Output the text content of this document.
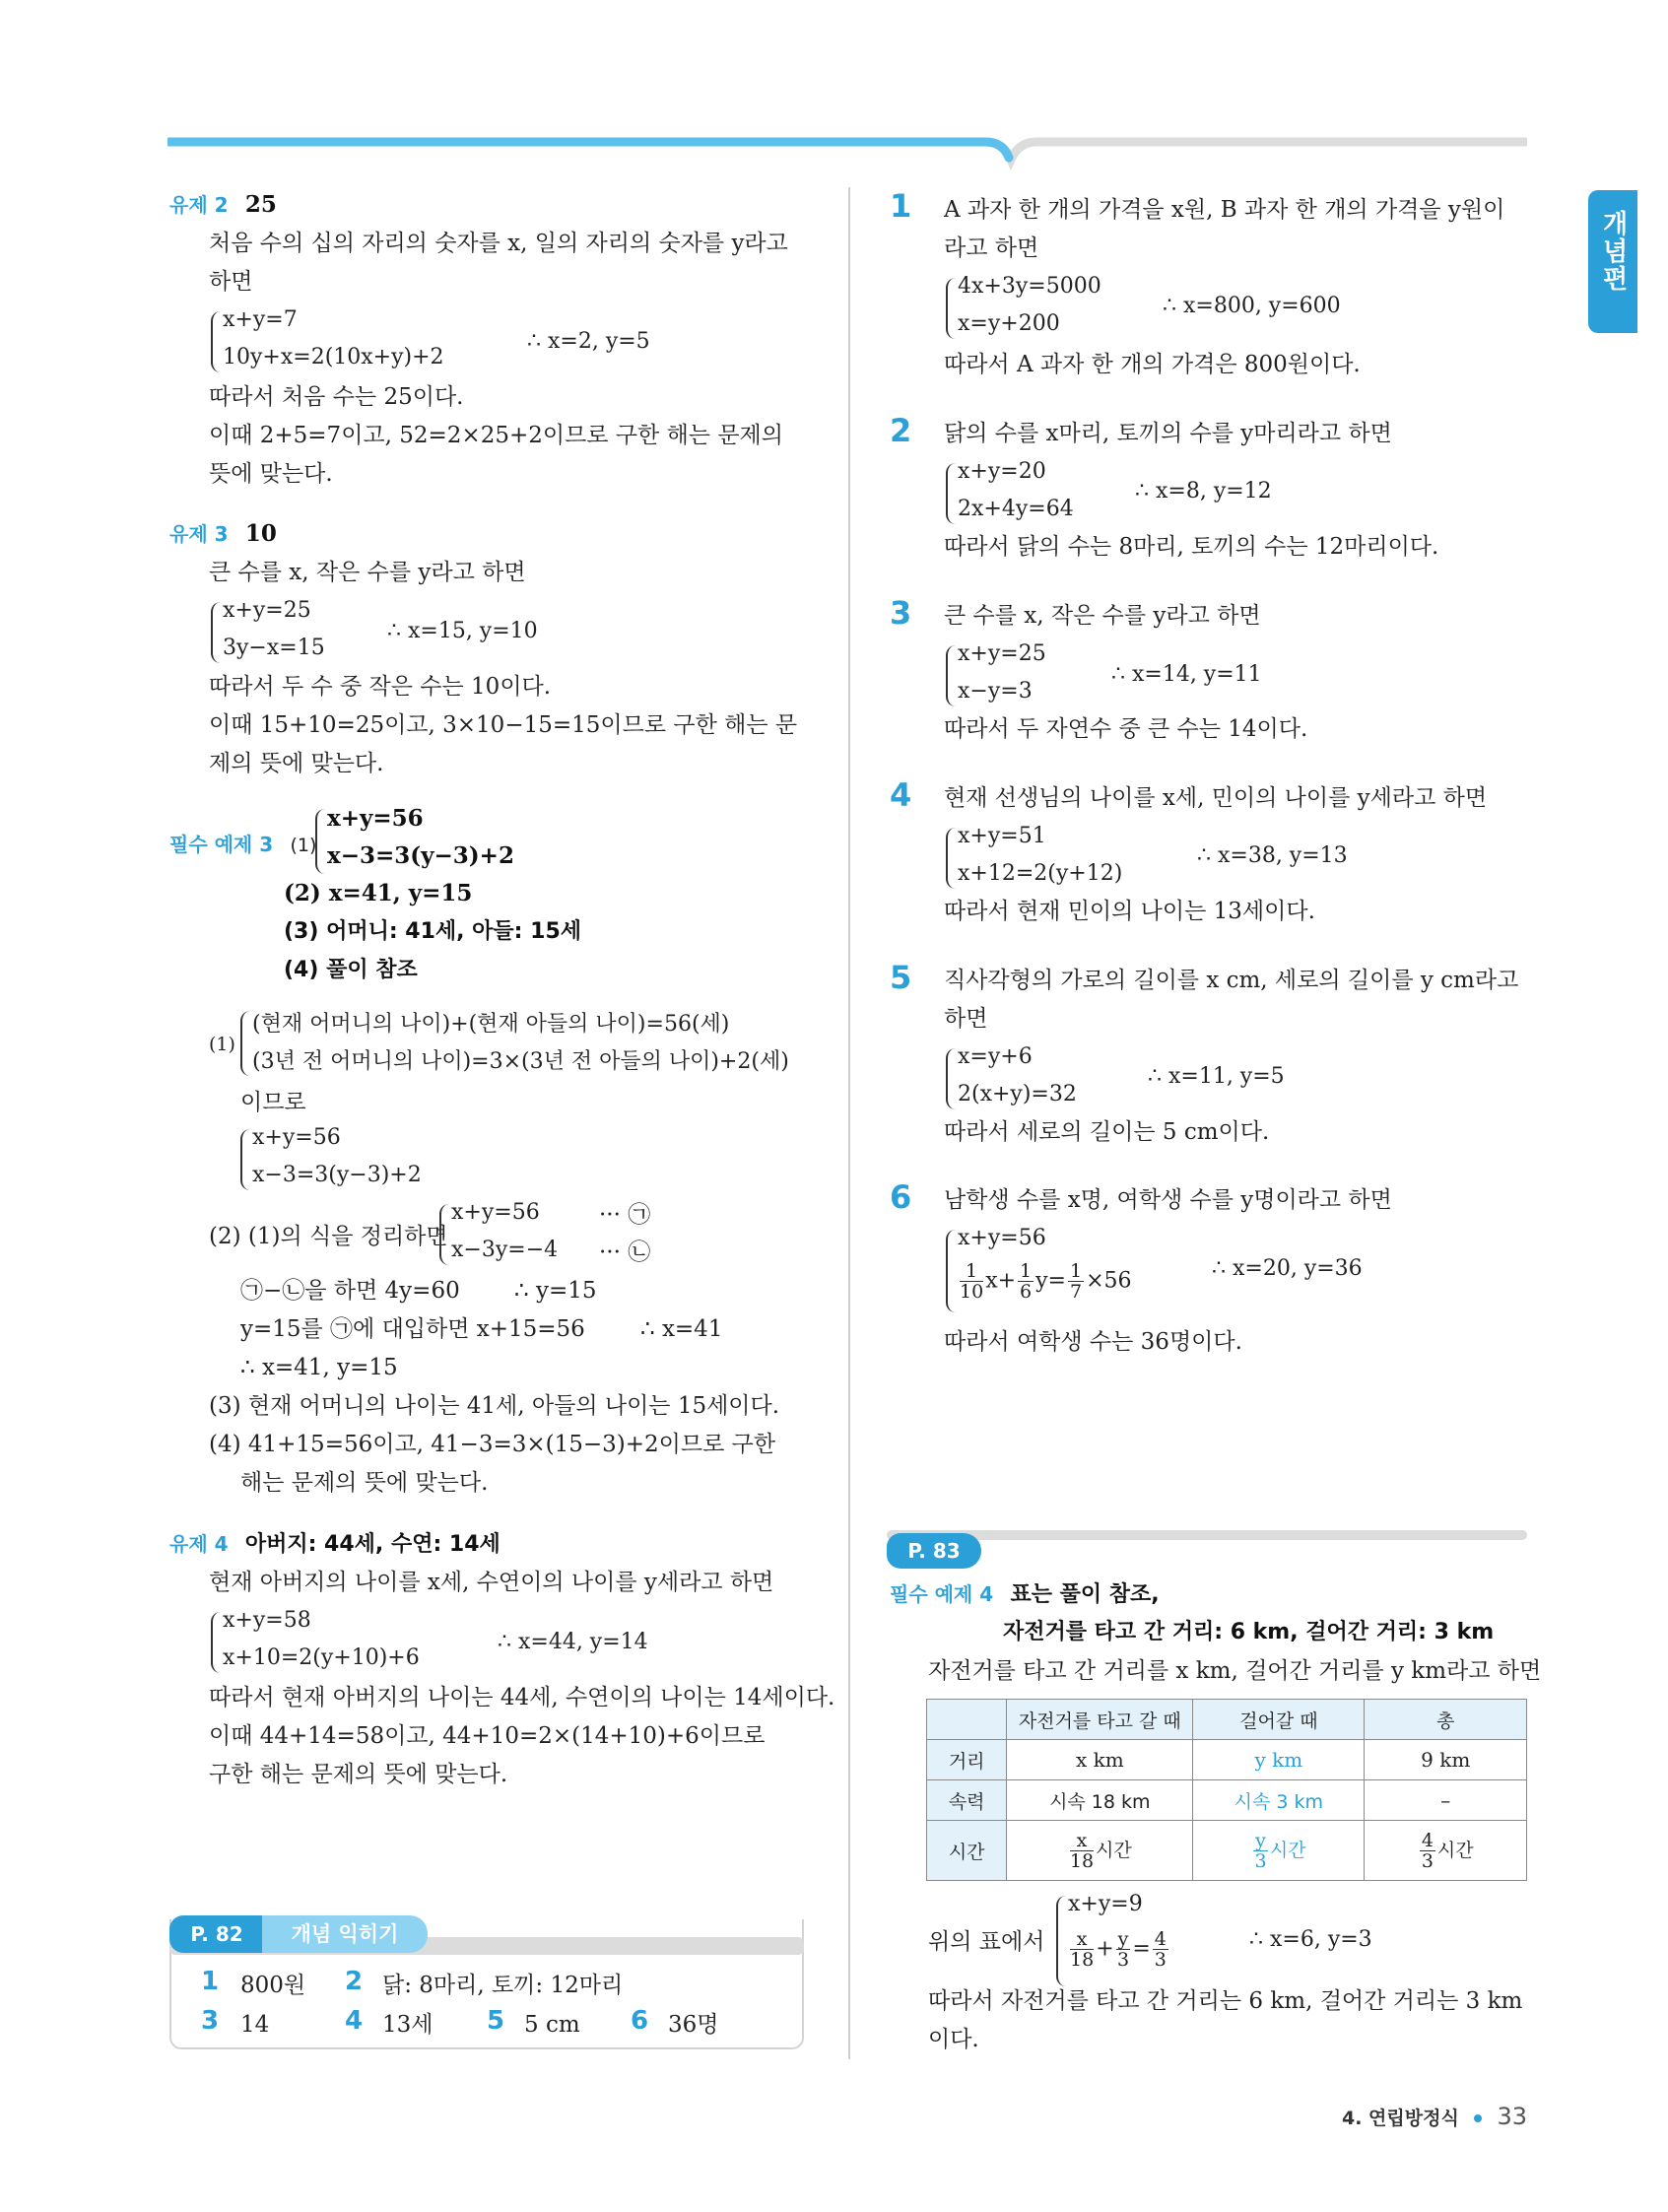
개념편
유제 2 25
처음 수의 십의 자리의 숫자를 x, 일의 자리의 숫자를 y라고
하면
x+y=7
10y+x=2(10x+y)+2
∴ x=2, y=5
따라서 처음 수는 25이다.
이때 2+5=7이고, 52=2×25+2이므로 구한 해는 문제의
뜻에 맞는다.
유제 3 10
큰 수를 x, 작은 수를 y라고 하면
x+y=25
3y−x=15
∴ x=15, y=10
따라서 두 수 중 작은 수는 10이다.
이때 15+10=25이고, 3×10−15=15이므로 구한 해는 문
제의 뜻에 맞는다.
필수 예제 3 (1)
x+y=56
x−3=3(y−3)+2
(2) x=41, y=15
(3) 어머니: 41세, 아들: 15세
(4) 풀이 참조
(1)
(현재 어머니의 나이)+(현재 아들의 나이)=56(세)
(3년 전 어머니의 나이)=3×(3년 전 아들의 나이)+2(세)
이므로
x+y=56
x−3=3(y−3)+2
(2) (1)의 식을 정리하면
x+y=56
x−3y=−4
··· ㉠
··· ㉡
㉠−㉡을 하면 4y=60 ∴ y=15
y=15를 ㉠에 대입하면 x+15=56 ∴ x=41
∴ x=41, y=15
(3) 현재 어머니의 나이는 41세, 아들의 나이는 15세이다.
(4) 41+15=56이고, 41−3=3×(15−3)+2이므로 구한
해는 문제의 뜻에 맞는다.
유제 4 아버지: 44세, 수연: 14세
현재 아버지의 나이를 x세, 수연이의 나이를 y세라고 하면
x+y=58
x+10=2(y+10)+6
∴ x=44, y=14
따라서 현재 아버지의 나이는 44세, 수연이의 나이는 14세이다.
이때 44+14=58이고, 44+10=2×(14+10)+6이므로
구한 해는 문제의 뜻에 맞는다.
P. 82	개념 익히기
1 800원 2 닭: 8마리, 토끼: 12마리
3 14	4 13세 5 5 cm 6 36명
1 A 과자 한 개의 가격을 x원, B 과자 한 개의 가격을 y원이
라고 하면
4x+3y=5000
x=y+200
∴ x=800, y=600
따라서 A 과자 한 개의 가격은 800원이다.
2 닭의 수를 x마리, 토끼의 수를 y마리라고 하면
x+y=20
2x+4y=64
∴ x=8, y=12
따라서 닭의 수는 8마리, 토끼의 수는 12마리이다.
3 큰 수를 x, 작은 수를 y라고 하면
x+y=25
x−y=3
∴ x=14, y=11
따라서 두 자연수 중 큰 수는 14이다.
4 현재 선생님의 나이를 x세, 민이의 나이를 y세라고 하면
x+y=51
x+12=2(y+12)
∴ x=38, y=13
따라서 현재 민이의 나이는 13세이다.
5 직사각형의 가로의 길이를 x cm, 세로의 길이를 y cm라고
하면
x=y+6
2(x+y)=32
∴ x=11, y=5
따라서 세로의 길이는 5 cm이다.
6 남학생 수를 x명, 여학생 수를 y명이라고 하면
x+y=56
$\frac{1}{10} x+ \frac{1}{6} y= \frac{1}{7} \times 56$	∴ x=20, y=36
따라서 여학생 수는 36명이다.
P. 83
필수 예제 4 표는 풀이 참조,
자전거를 타고 간 거리: 6 km, 걸어간 거리: 3 km
자전거를 타고 간 거리를 x km, 걸어간 거리를 y km라고 하면
	자전거를 타고 갈 때	걸어갈 때	총
거리	x km	y km	9 km
속력	시속 18 km	시속 3 km	–
시간	$\frac{x}{18}$ 시간	$\frac{y}{3}$ 시간	$\frac{4}{3}$ 시간
위의 표에서
x+y=9
$\frac{x}{18} + \frac{y}{3} = \frac{4}{3}$	∴ x=6, y=3
따라서 자전거를 타고 간 거리는 6 km, 걸어간 거리는 3 km
이다.
4. 연립방정식 33
